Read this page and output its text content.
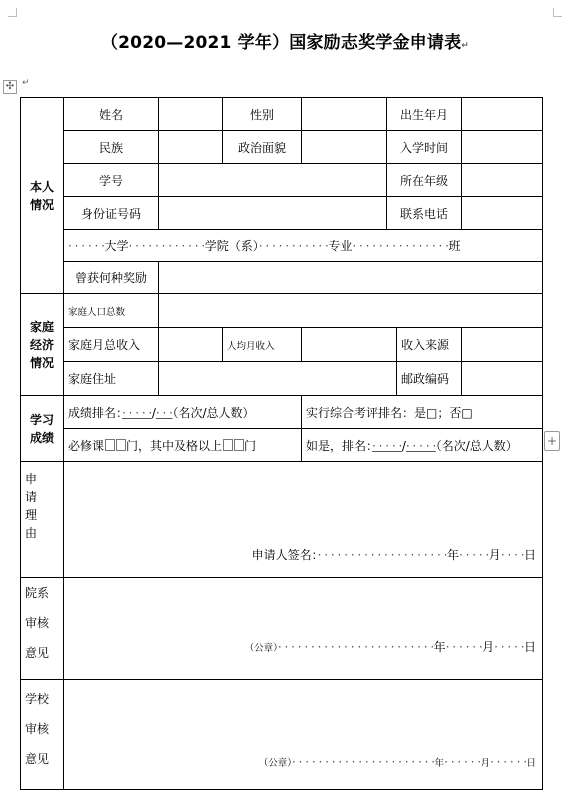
（2020—2021 学年）国家励志奖学金申请表↵
✣ ↵
+
本人
情况	姓名		性别		出生年月		
	民族		政治面貌		入学时间		
	学号				所在年级		
	身份证号码				联系电话		
	· · · · · ·大学· · · · · · · · · · · ·学院（系）· · · · · · · · · · ·专业· · · · · · · · · · · · · · ·班						
	曾获何种奖励						
家庭
经济
情况	家庭人口总数						
	家庭月总收入		人均月收入			收入来源	
	家庭住址					邮政编码	
学习
成绩	成绩排名：· · · · ·/· · ·（名次/总人数）			实行综合考评排名：是□；否□			
	必修课 门，其中及格以上 门			如是，排名：· · · · ·/· · · · ·（名次/总人数）			
申
请
理
由	申请人签名：· · · · · · · · · · · · · · · · · · · ·年· · · · ·月· · · ·日						

院系

审核

意见	（公章）· · · · · · · · · · · · · · · · · · · · · · · ·年· · · · · ·月· · · · ·日						

学校

审核

意见	（公章）· · · · · · · · · · · · · · · · · · · · · ·年· · · · · ·月· · · · · ·日						
